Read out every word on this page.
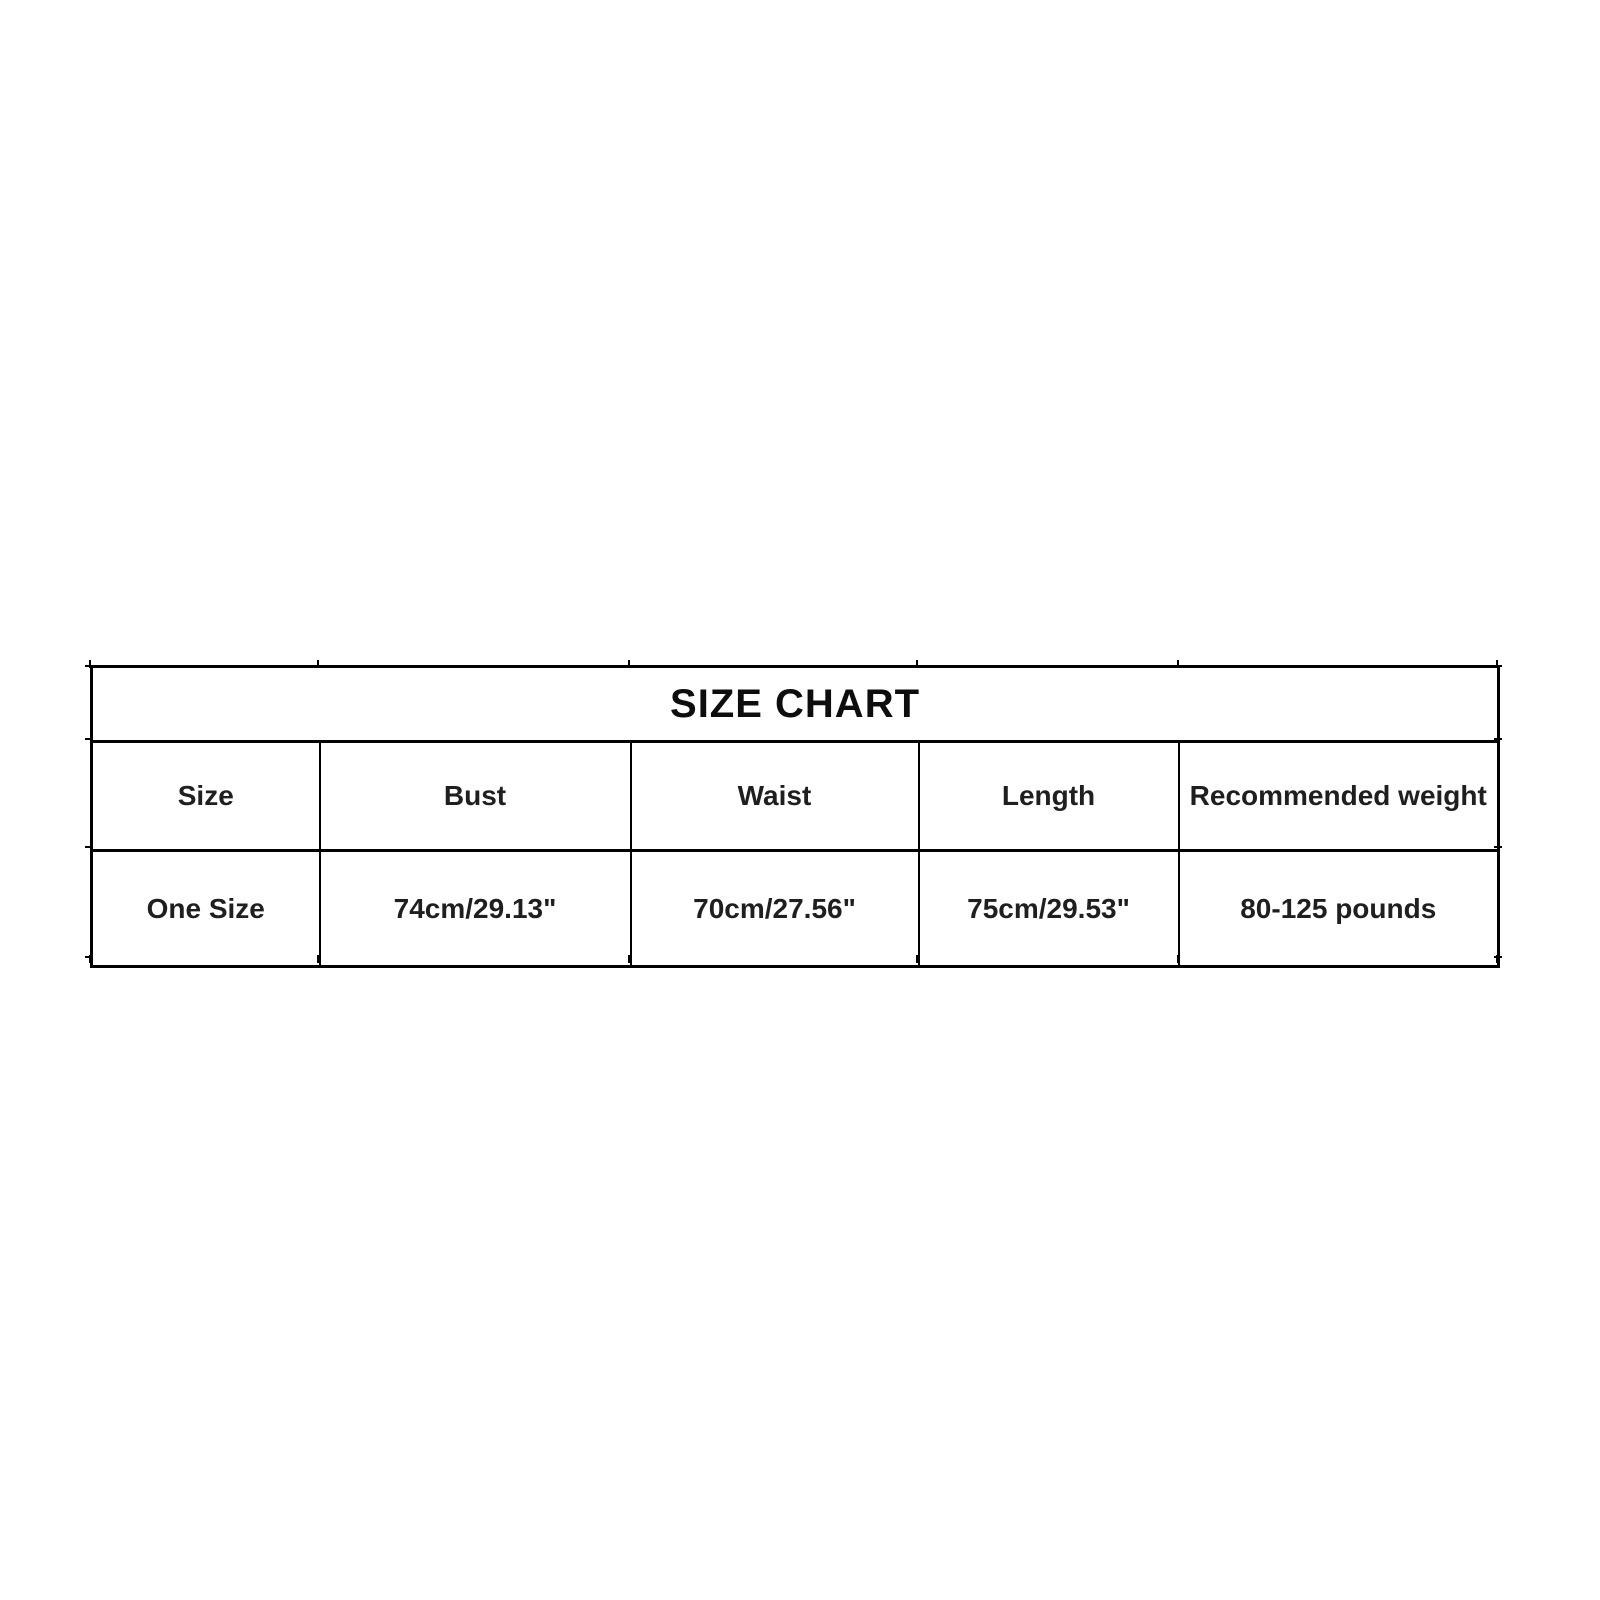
SIZE CHART				
Size	Bust	Waist	Length	Recommended weight
One Size	74cm/29.13"	70cm/27.56"	75cm/29.53"	80-125 pounds
